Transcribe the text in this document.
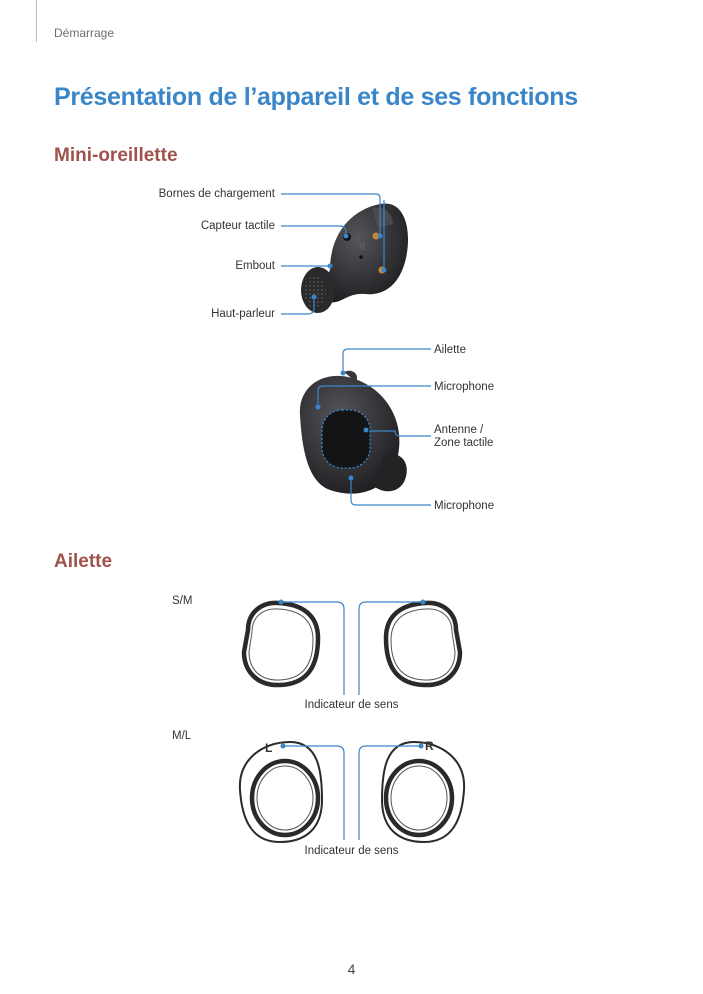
Démarrage
Présentation de l’appareil et de ses fonctions
Mini-oreillette
R
Bornes de chargement
Capteur tactile
Embout
Haut-parleur
Ailette
Microphone
Antenne /
Zone tactile
Microphone
Ailette
S/M
M/L
L	R
Indicateur de sens
Indicateur de sens
4
